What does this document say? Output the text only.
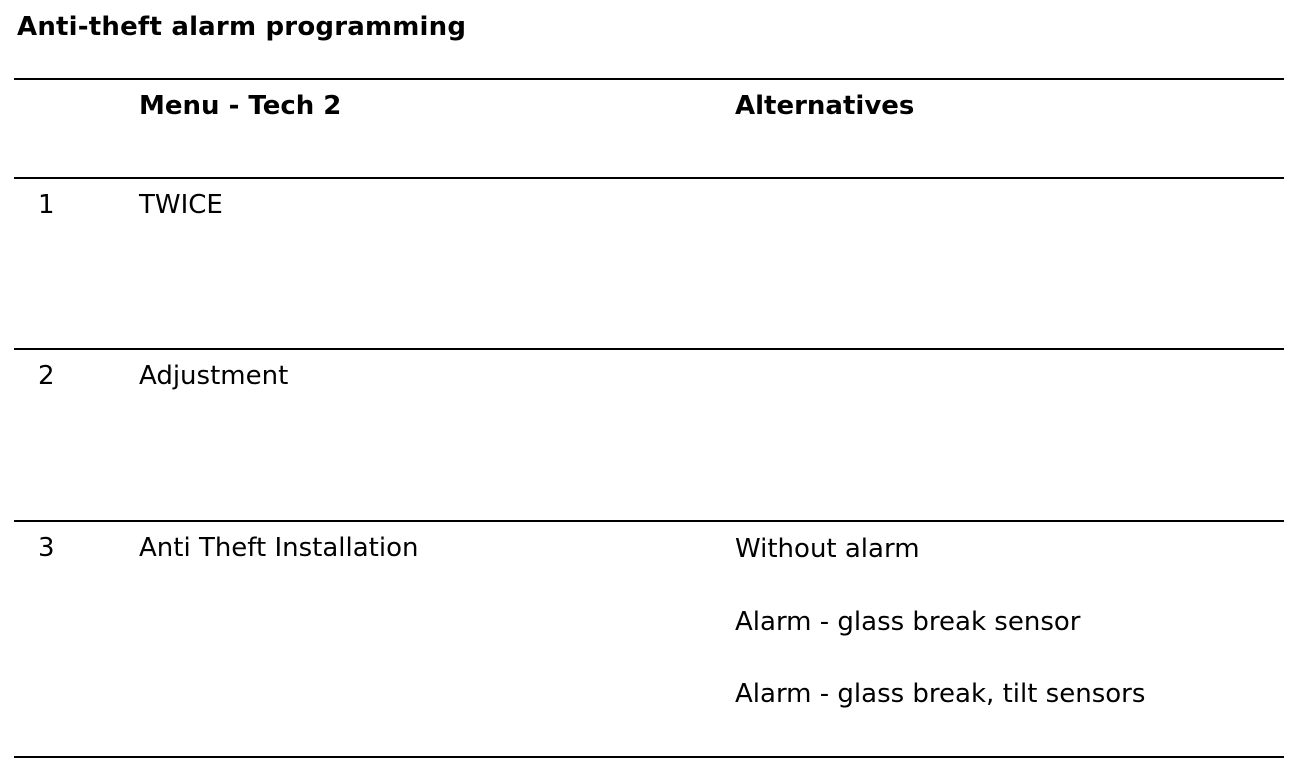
Anti-theft alarm programming
Menu - Tech 2	Alternatives
1	TWICE
2	Adjustment
3	Anti Theft Installation	Without alarm
Alarm - glass break sensor
Alarm - glass break, tilt sensors
